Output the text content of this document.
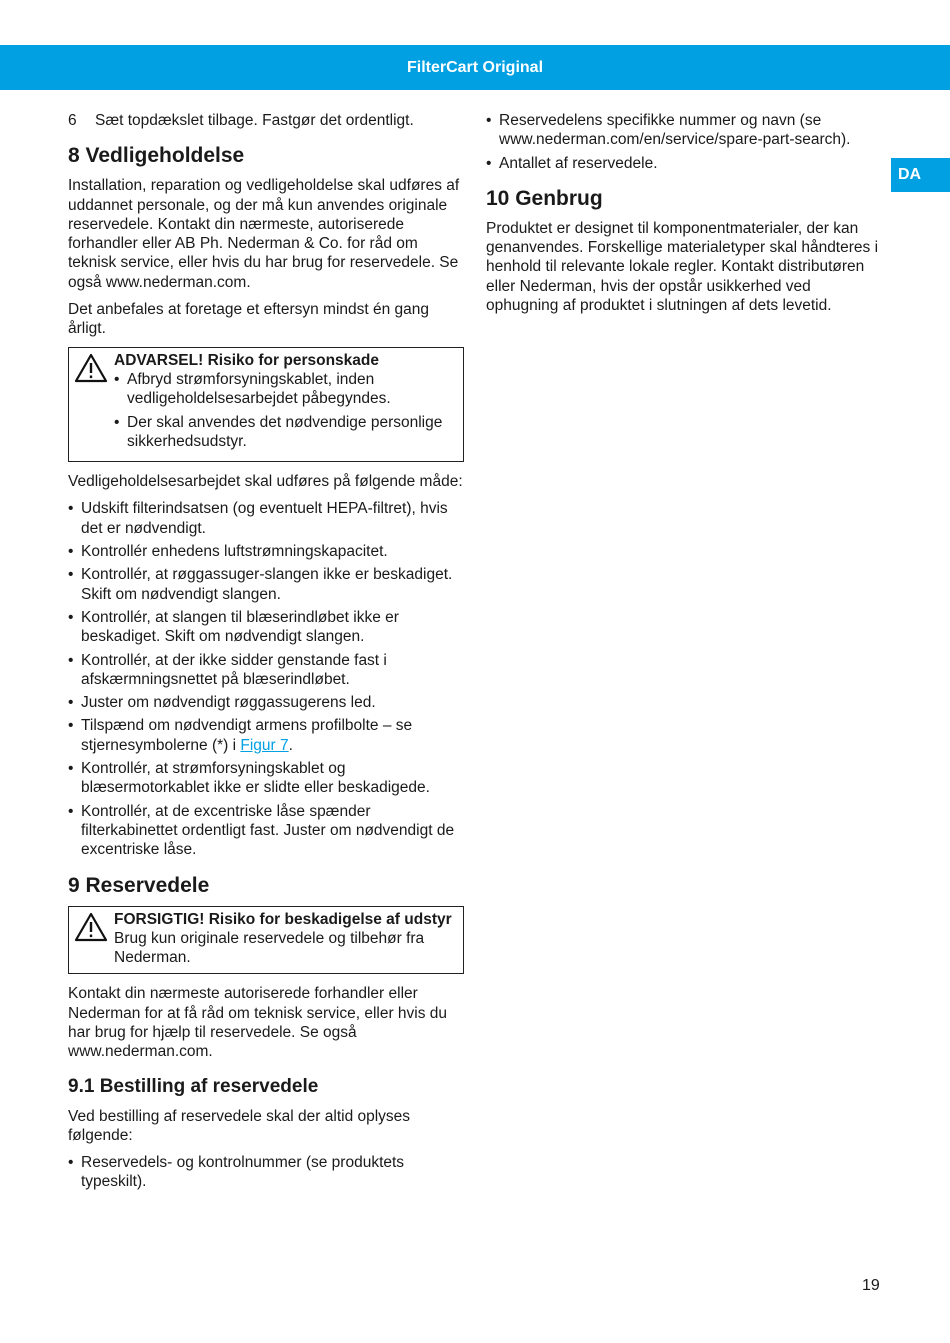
FilterCart Original
DA
6	Sæt topdækslet tilbage. Fastgør det ordentligt.
8 Vedligeholdelse

Installation, reparation og vedligeholdelse skal udføres af uddannet personale, og der må kun anvendes originale reservedele. Kontakt din nærmeste, autoriserede forhandler eller AB Ph. Nederman & Co. for råd om teknisk service, eller hvis du har brug for reservedele. Se også www.nederman.com.

Det anbefales at foretage et eftersyn mindst én gang årligt.

ADVARSEL! Risiko for personskade
• Afbryd strømforsyningskablet, inden vedligeholdelsesarbejdet påbegyndes.
• Der skal anvendes det nødvendige personlige sikkerhedsudstyr.

Vedligeholdelsesarbejdet skal udføres på følgende måde:

• Udskift filterindsatsen (og eventuelt HEPA-filtret), hvis det er nødvendigt.
• Kontrollér enhedens luftstrømningskapacitet.
• Kontrollér, at røggassuger-slangen ikke er beskadiget. Skift om nødvendigt slangen.
• Kontrollér, at slangen til blæserindløbet ikke er beskadiget. Skift om nødvendigt slangen.
• Kontrollér, at der ikke sidder genstande fast i afskærmningsnettet på blæserindløbet.
• Juster om nødvendigt røggassugerens led.
• Tilspænd om nødvendigt armens profilbolte – se stjernesymbolerne (*) i Figur 7.
• Kontrollér, at strømforsyningskablet og blæsermotorkablet ikke er slidte eller beskadigede.
• Kontrollér, at de excentriske låse spænder filterkabinettet ordentligt fast. Juster om nødvendigt de excentriske låse.
9 Reservedele
FORSIGTIG! Risiko for beskadigelse af udstyr
Brug kun originale reservedele og tilbehør fra Nederman.

Kontakt din nærmeste autoriserede forhandler eller Nederman for at få råd om teknisk service, eller hvis du har brug for hjælp til reservedele. Se også www.nederman.com.

9.1 Bestilling af reservedele

Ved bestilling af reservedele skal der altid oplyses følgende:

• Reservedels- og kontrolnummer (se produktets typeskilt).
• Reservedelens specifikke nummer og navn (se www.nederman.com/en/service/spare-part-search).
• Antallet af reservedele.
10 Genbrug

Produktet er designet til komponentmaterialer, der kan genanvendes. Forskellige materialetyper skal håndteres i henhold til relevante lokale regler. Kontakt distributøren eller Nederman, hvis der opstår usikkerhed ved ophugning af produktet i slutningen af dets levetid.

19
